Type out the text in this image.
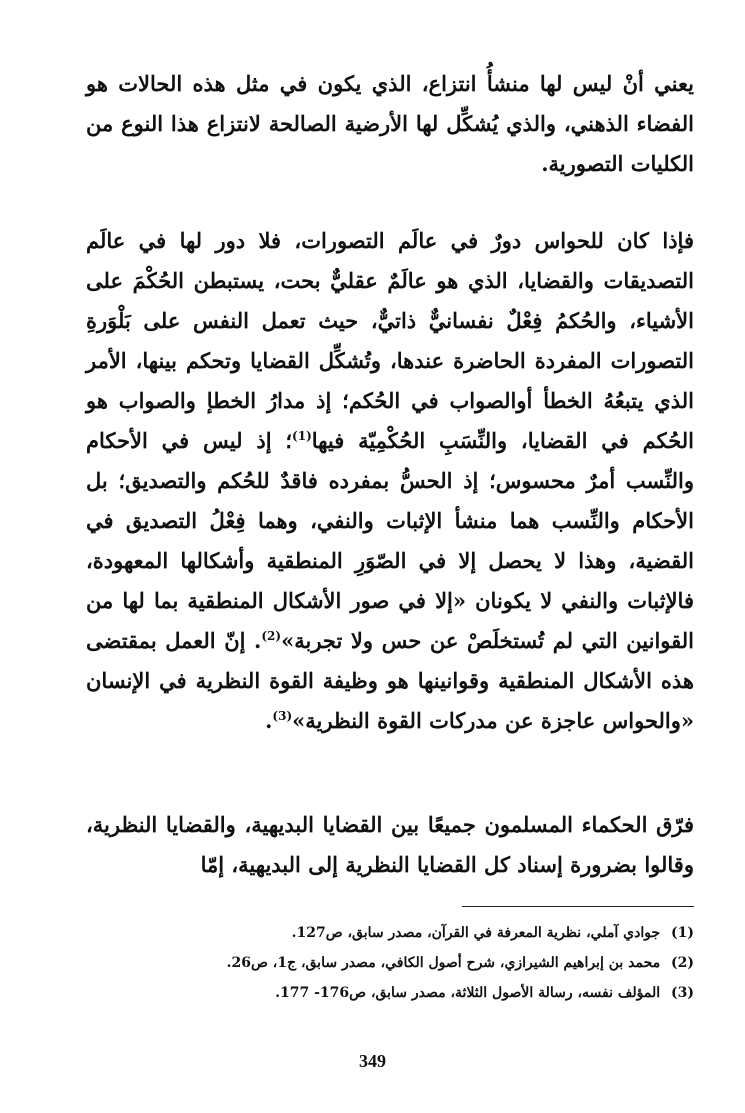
يعني أنْ ليس لها منشأُ انتزاع، الذي يكون في مثل هذه الحالات هو الفضاء الذهني، والذي يُشكِّل لها الأرضية الصالحة لانتزاع هذا النوع من الكليات التصورية.

فإذا كان للحواس دورٌ في عالَم التصورات، فلا دور لها في عالَم التصديقات والقضايا، الذي هو عالَمٌ عقليٌّ بحت، يستبطن الحُكْمَ على الأشياء، والحُكمُ فِعْلٌ نفسانيٌّ ذاتيٌّ، حيث تعمل النفس على بَلْوَرةِ التصورات المفردة الحاضرة عندها، وتُشكِّل القضايا وتحكم بينها، الأمر الذي يتبعُهُ الخطأ أوالصواب في الحُكم؛ إذ مدارُ الخطإ والصواب هو الحُكم في القضايا، والنِّسَبِ الحُكْمِيّة فيها$^{(1)}$؛ إذ ليس في الأحكام والنِّسب أمرٌ محسوس؛ إذ الحسُّ بمفرده فاقدٌ للحُكم والتصديق؛ بل الأحكام والنِّسب هما منشأ الإثبات والنفي، وهما فِعْلُ التصديق في القضية، وهذا لا يحصل إلا في الصّوَرِ المنطقية وأشكالها المعهودة، فالإثبات والنفي لا يكونان «إلا في صور الأشكال المنطقية بما لها من القوانين التي لم تُستخلَصْ عن حس ولا تجربة»$^{(2)}$. إنّ العمل بمقتضى هذه الأشكال المنطقية وقوانينها هو وظيفة القوة النظرية في الإنسان «والحواس عاجزة عن مدركات القوة النظرية»$^{(3)}$.

فرّق الحكماء المسلمون جميعًا بين القضايا البديهية، والقضايا النظرية، وقالوا بضرورة إسناد كل القضايا النظرية إلى البديهية، إمّا

(1) جوادي آملي، نظرية المعرفة في القرآن، مصدر سابق، ص127.
(2) محمد بن إبراهيم الشيرازي، شرح أصول الكافي، مصدر سابق، ج1، ص26.
(3) المؤلف نفسه، رسالة الأصول الثلاثة، مصدر سابق، ص176- 177.
349
